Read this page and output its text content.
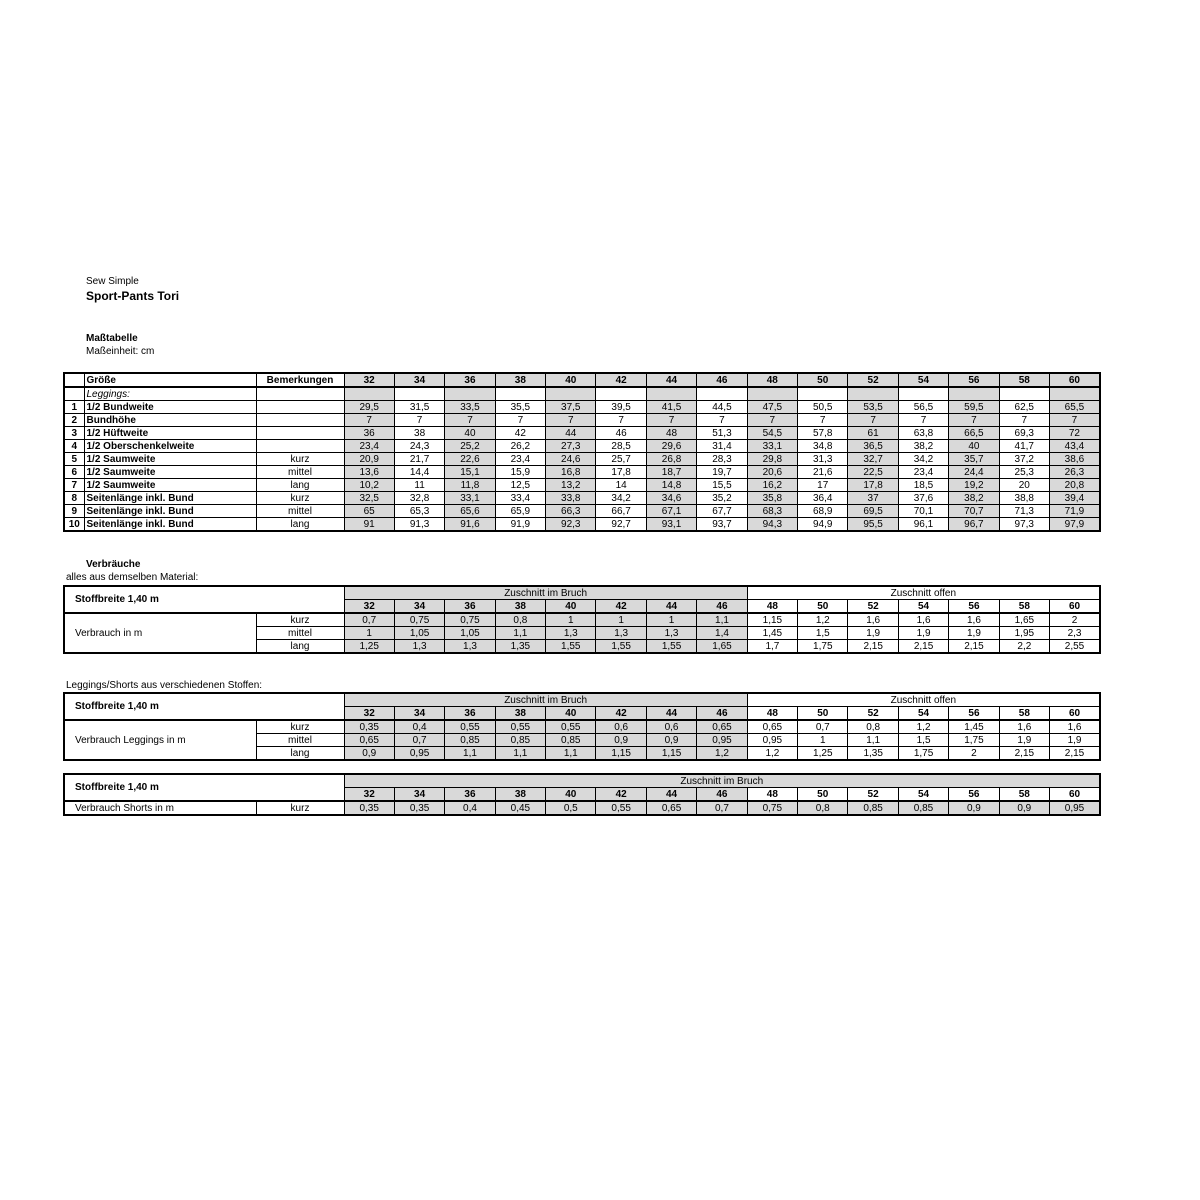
Sew Simple
Sport-Pants Tori
Maßtabelle
Maßeinheit: cm
	Größe	Bemerkungen	32	34	36	38	40	42	44	46	48	50	52	54	56	58	60
	Leggings:																
1	1/2 Bundweite		29,5	31,5	33,5	35,5	37,5	39,5	41,5	44,5	47,5	50,5	53,5	56,5	59,5	62,5	65,5
2	Bundhöhe		7	7	7	7	7	7	7	7	7	7	7	7	7	7	7
3	1/2 Hüftweite		36	38	40	42	44	46	48	51,3	54,5	57,8	61	63,8	66,5	69,3	72
4	1/2 Oberschenkelweite		23,4	24,3	25,2	26,2	27,3	28,5	29,6	31,4	33,1	34,8	36,5	38,2	40	41,7	43,4
5	1/2 Saumweite	kurz	20,9	21,7	22,6	23,4	24,6	25,7	26,8	28,3	29,8	31,3	32,7	34,2	35,7	37,2	38,6
6	1/2 Saumweite	mittel	13,6	14,4	15,1	15,9	16,8	17,8	18,7	19,7	20,6	21,6	22,5	23,4	24,4	25,3	26,3
7	1/2 Saumweite	lang	10,2	11	11,8	12,5	13,2	14	14,8	15,5	16,2	17	17,8	18,5	19,2	20	20,8
8	Seitenlänge inkl. Bund	kurz	32,5	32,8	33,1	33,4	33,8	34,2	34,6	35,2	35,8	36,4	37	37,6	38,2	38,8	39,4
9	Seitenlänge inkl. Bund	mittel	65	65,3	65,6	65,9	66,3	66,7	67,1	67,7	68,3	68,9	69,5	70,1	70,7	71,3	71,9
10	Seitenlänge inkl. Bund	lang	91	91,3	91,6	91,9	92,3	92,7	93,1	93,7	94,3	94,9	95,5	96,1	96,7	97,3	97,9
Verbräuche
alles aus demselben Material:
Stoffbreite 1,40 m		Zuschnitt im Bruch								Zuschnitt offen						
		32	34	36	38	40	42	44	46	48	50	52	54	56	58	60
Verbrauch in m	kurz	0,7	0,75	0,75	0,8	1	1	1	1,1	1,15	1,2	1,6	1,6	1,6	1,65	2
	mittel	1	1,05	1,05	1,1	1,3	1,3	1,3	1,4	1,45	1,5	1,9	1,9	1,9	1,95	2,3
	lang	1,25	1,3	1,3	1,35	1,55	1,55	1,55	1,65	1,7	1,75	2,15	2,15	2,15	2,2	2,55
Leggings/Shorts aus verschiedenen Stoffen:
Stoffbreite 1,40 m		Zuschnitt im Bruch								Zuschnitt offen						
		32	34	36	38	40	42	44	46	48	50	52	54	56	58	60
Verbrauch Leggings in m	kurz	0,35	0,4	0,55	0,55	0,55	0,6	0,6	0,65	0,65	0,7	0,8	1,2	1,45	1,6	1,6
	mittel	0,65	0,7	0,85	0,85	0,85	0,9	0,9	0,95	0,95	1	1,1	1,5	1,75	1,9	1,9
	lang	0,9	0,95	1,1	1,1	1,1	1,15	1,15	1,2	1,2	1,25	1,35	1,75	2	2,15	2,15
Stoffbreite 1,40 m		Zuschnitt im Bruch														
		32	34	36	38	40	42	44	46	48	50	52	54	56	58	60
Verbrauch Shorts in m	kurz	0,35	0,35	0,4	0,45	0,5	0,55	0,65	0,7	0,75	0,8	0,85	0,85	0,9	0,9	0,95
